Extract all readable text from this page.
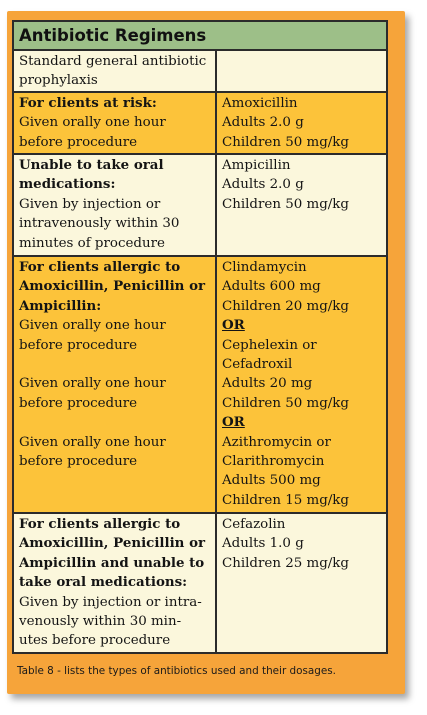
Antibiotic Regimens
Standard general antibiotic
prophylaxis
For clients at risk:
Given orally one hour
before procedure
Amoxicillin
Adults 2.0 g
Children 50 mg/kg
Unable to take oral
medications:
Given by injection or
intravenously within 30
minutes of procedure
Ampicillin
Adults 2.0 g
Children 50 mg/kg
For clients allergic to
Amoxicillin, Penicillin or
Ampicillin:
Given orally one hour
before procedure
Given orally one hour
before procedure
Given orally one hour
before procedure
Clindamycin
Adults 600 mg
Children 20 mg/kg
OR
Cephelexin or
Cefadroxil
Adults 20 mg
Children 50 mg/kg
OR
Azithromycin or
Clarithromycin
Adults 500 mg
Children 15 mg/kg
For clients allergic to
Amoxicillin, Penicillin or
Ampicillin and unable to
take oral medications:
Given by injection or intra-
venously within 30 min-
utes before procedure
Cefazolin
Adults 1.0 g
Children 25 mg/kg
Table 8 - lists the types of antibiotics used and their dosages.
